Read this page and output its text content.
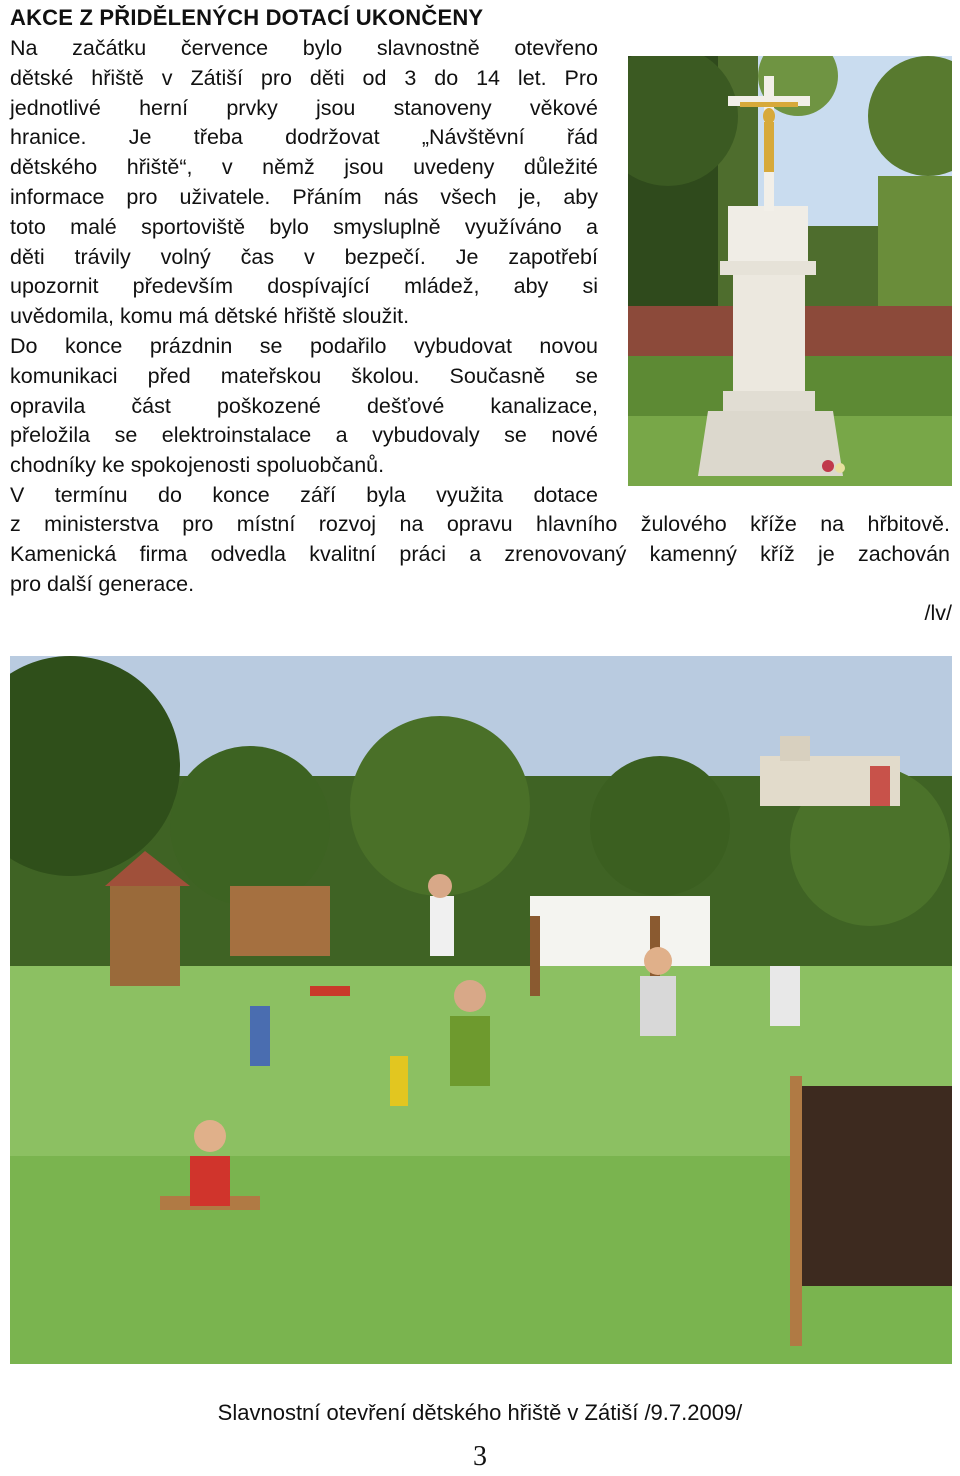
AKCE Z PŘIDĚLENÝCH DOTACÍ UKONČENY
Na začátku července bylo slavnostně otevřeno
dětské hřiště v Zátiší pro děti od 3 do 14 let. Pro
jednotlivé herní prvky jsou stanoveny věkové
hranice. Je třeba dodržovat „Návštěvní řád
dětského hřiště“, v němž jsou uvedeny důležité
informace pro uživatele. Přáním nás všech je, aby
toto malé sportoviště bylo smysluplně využíváno a
děti trávily volný čas v bezpečí. Je zapotřebí
upozornit především dospívající mládež, aby si
uvědomila, komu má dětské hřiště sloužit.
Do konce prázdnin se podařilo vybudovat novou
komunikaci před mateřskou školou. Současně se
opravila část poškozené dešťové kanalizace,
přeložila se elektroinstalace a vybudovaly se nové
chodníky ke spokojenosti spoluobčanů.
V termínu do konce září byla využita dotace
z ministerstva pro místní rozvoj na opravu hlavního žulového kříže na hřbitově.
Kamenická firma odvedla kvalitní práci a zrenovovaný kamenný kříž je zachován
pro další generace.
/lv/
Slavnostní otevření dětského hřiště v Zátiší /9.7.2009/
3
